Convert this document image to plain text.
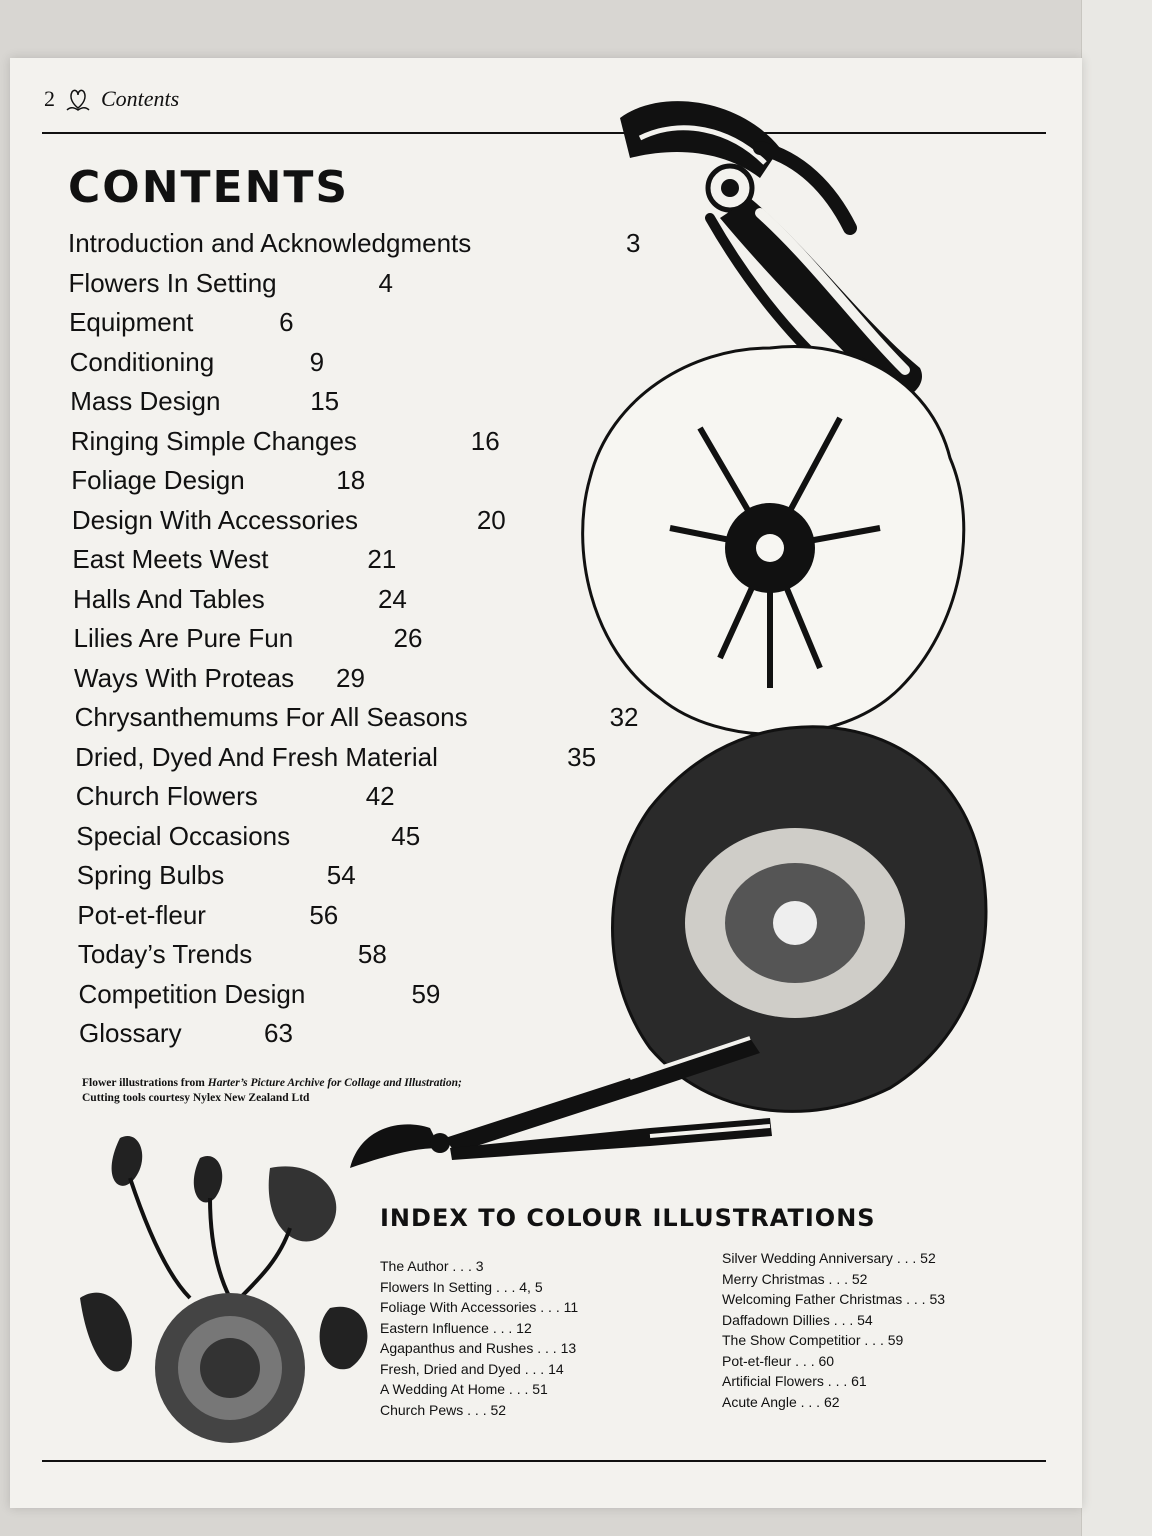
2 Contents
CONTENTS
Introduction and Acknowledgments	3
Flowers In Setting	4
Equipment	6
Conditioning	9
Mass Design	15
Ringing Simple Changes	16
Foliage Design	18
Design With Accessories	20
East Meets West	21
Halls And Tables	24
Lilies Are Pure Fun	26
Ways With Proteas 29
Chrysanthemums For All Seasons	32
Dried, Dyed And Fresh Material	35
Church Flowers	42
Special Occasions	45
Spring Bulbs	54
Pot-et-fleur	56
Today’s Trends	58
Competition Design	59
Glossary	63
Flower illustrations from Harter’s Picture Archive for Collage and Illustration; Cutting tools courtesy Nylex New Zealand Ltd
INDEX TO COLOUR ILLUSTRATIONS
The Author . . . 3
Flowers In Setting . . . 4, 5
Foliage With Accessories . . . 11
Eastern Influence . . . 12
Agapanthus and Rushes . . . 13
Fresh, Dried and Dyed . . . 14
A Wedding At Home . . . 51
Church Pews . . . 52
Silver Wedding Anniversary . . . 52
Merry Christmas . . . 52
Welcoming Father Christmas . . . 53
Daffadown Dillies . . . 54
The Show Competitior . . . 59
Pot-et-fleur . . . 60
Artificial Flowers . . . 61
Acute Angle . . . 62
